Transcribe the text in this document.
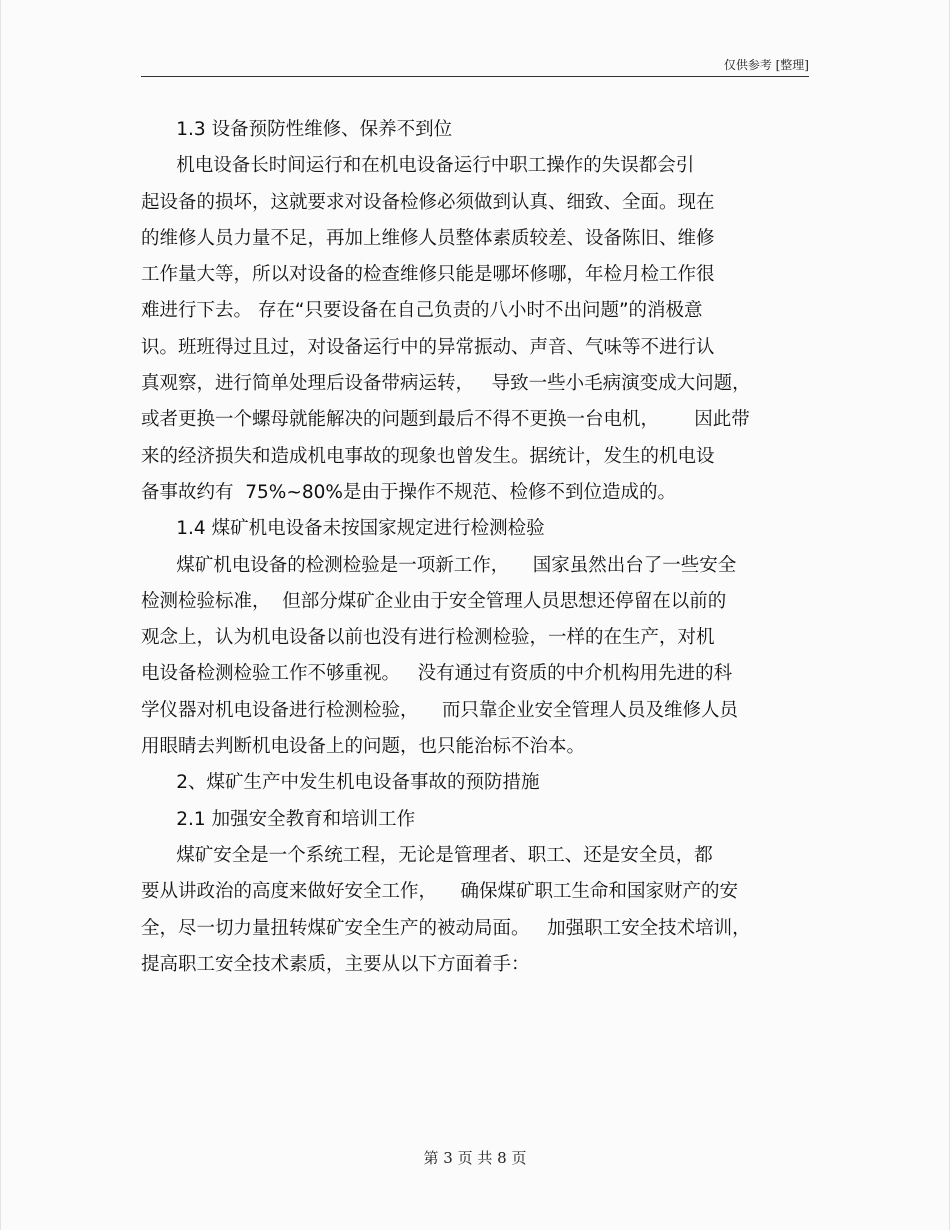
仅供参考 [整理]
1.3 设备预防性维修、保养不到位
机电设备长时间运行和在机电设备运行中职工操作的失误都会引
起设备的损坏，这就要求对设备检修必须做到认真、细致、全面。现在
的维修人员力量不足，再加上维修人员整体素质较差、设备陈旧、维修
工作量大等，所以对设备的检查维修只能是哪坏修哪，年检月检工作很
难进行下去。 存在“只要设备在自己负责的八小时不出问题”的消极意
识。班班得过且过，对设备运行中的异常振动、声音、气味等不进行认
真观察，进行简单处理后设备带病运转，   导致一些小毛病演变成大问题，
或者更换一个螺母就能解决的问题到最后不得不更换一台电机，      因此带
来的经济损失和造成机电事故的现象也曾发生。据统计，发生的机电设
备事故约有  75%~80%是由于操作不规范、检修不到位造成的。
1.4 煤矿机电设备未按国家规定进行检测检验
煤矿机电设备的检测检验是一项新工作，    国家虽然出台了一些安全
检测检验标准，  但部分煤矿企业由于安全管理人员思想还停留在以前的
观念上，认为机电设备以前也没有进行检测检验，一样的在生产，对机
电设备检测检验工作不够重视。   没有通过有资质的中介机构用先进的科
学仪器对机电设备进行检测检验，    而只靠企业安全管理人员及维修人员
用眼睛去判断机电设备上的问题，也只能治标不治本。
2、煤矿生产中发生机电设备事故的预防措施
2.1 加强安全教育和培训工作
煤矿安全是一个系统工程，无论是管理者、职工、还是安全员，都
要从讲政治的高度来做好安全工作，    确保煤矿职工生命和国家财产的安
全，尽一切力量扭转煤矿安全生产的被动局面。   加强职工安全技术培训，
提高职工安全技术素质，主要从以下方面着手：
第 3 页 共 8 页
